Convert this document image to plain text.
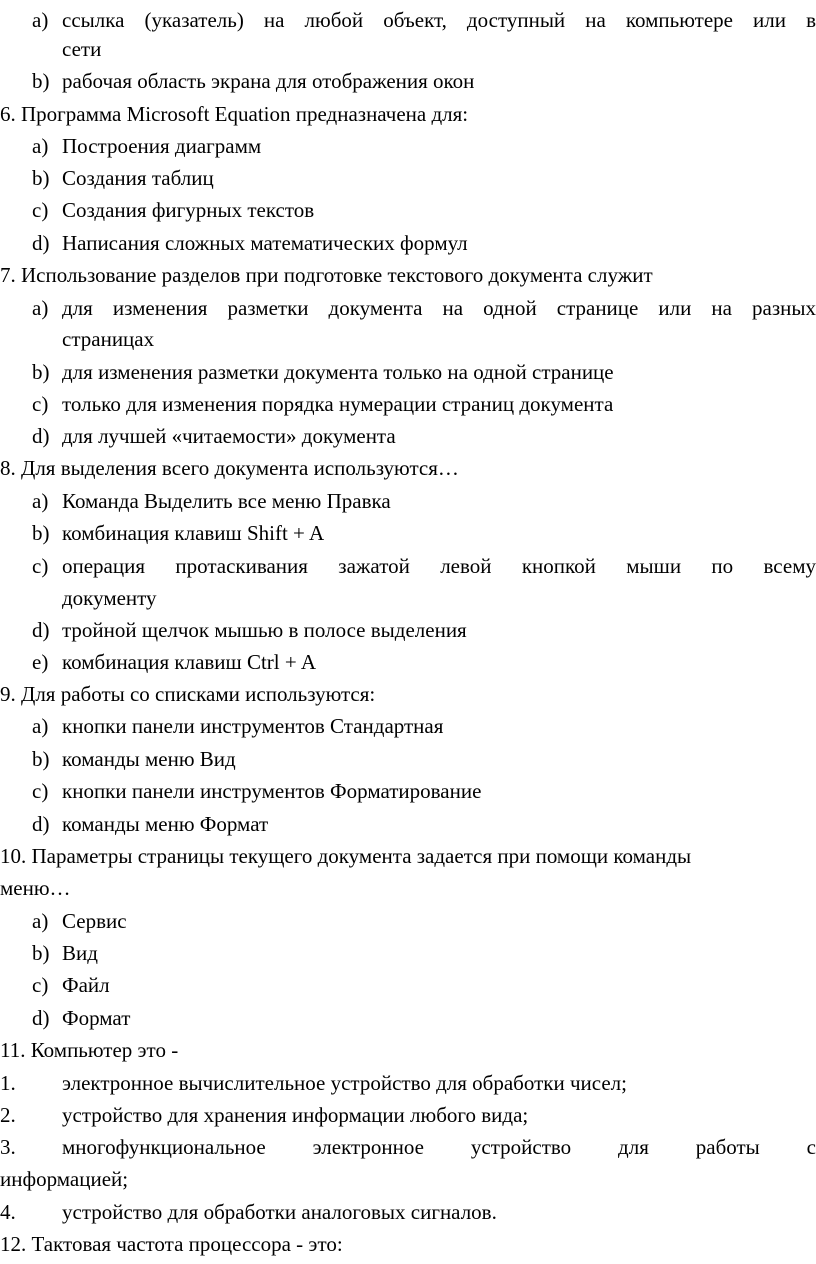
a) ссылка (указатель) на любой объект, доступный на компьютере или в
сети
b) рабочая область экрана для отображения окон
6. Программа Microsoft Equation предназначена для:
a) Построения диаграмм
b) Создания таблиц
c) Создания фигурных текстов
d) Написания сложных математических формул
7. Использование разделов при подготовке текстового документа служит
a) для изменения разметки документа на одной странице или на разных
страницах
b) для изменения разметки документа только на одной странице
c) только для изменения порядка нумерации страниц документа
d) для лучшей «читаемости» документа
8. Для выделения всего документа используются…
a) Команда Выделить все меню Правка
b) комбинация клавиш Shift + A
c) операция протаскивания зажатой левой кнопкой мыши по всему
документу
d) тройной щелчок мышью в полосе выделения
e) комбинация клавиш Ctrl + A
9. Для работы со списками используются:
a) кнопки панели инструментов Стандартная
b) команды меню Вид
c) кнопки панели инструментов Форматирование
d) команды меню Формат
10. Параметры страницы текущего документа задается при помощи команды
меню…
a) Сервис
b) Вид
c) Файл
d) Формат
11. Компьютер это -
1. электронное вычислительное устройство для обработки чисел;
2. устройство для хранения информации любого вида;
3. многофункциональное электронное устройство для работы с
информацией;
4. устройство для обработки аналоговых сигналов.
12. Тактовая частота процессора - это:
